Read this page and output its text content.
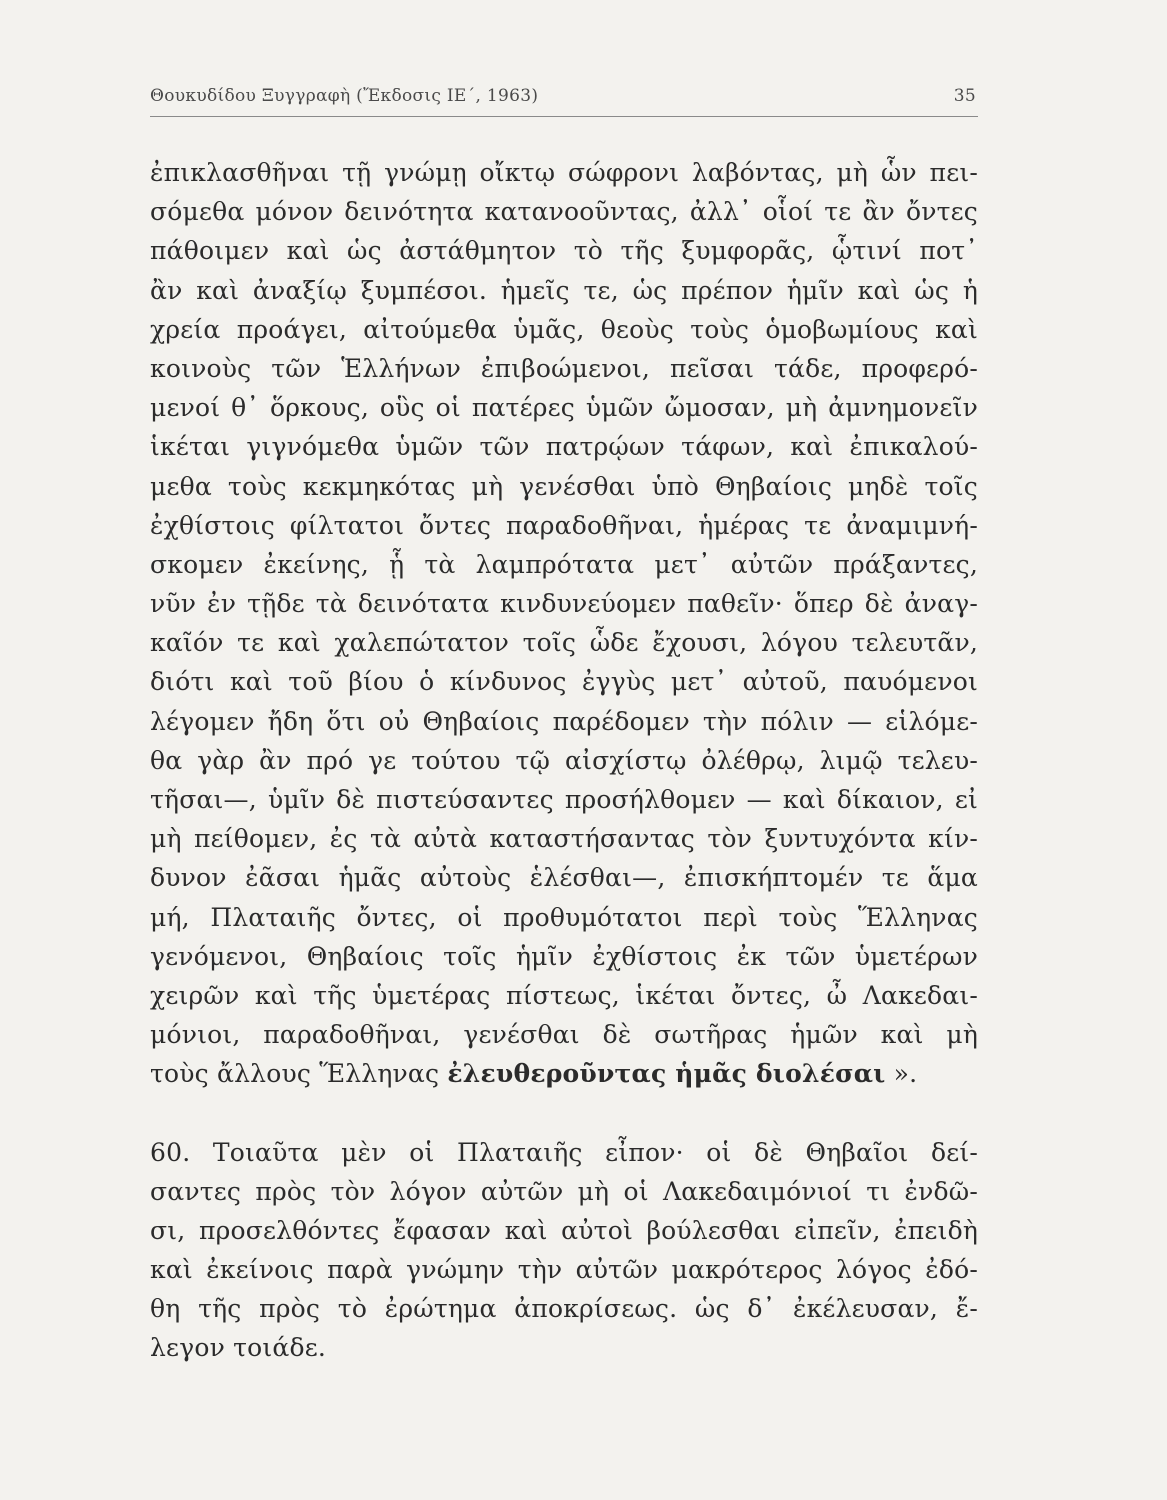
Θουκυδίδου Ξυγγραφὴ (Ἔκδοσις ΙΕ΄, 1963)	35
ἐπικλασθῆναι τῇ γνώμῃ οἴκτῳ σώφρονι λαβόντας, μὴ ὧν πει-
σόμεθα μόνον δεινότητα κατανοοῦντας, ἀλλ᾽ οἷοί τε ἂν ὄντες
πάθοιμεν καὶ ὡς ἀστάθμητον τὸ τῆς ξυμφορᾶς, ᾧτινί ποτ᾽
ἂν καὶ ἀναξίῳ ξυμπέσοι. ἡμεῖς τε, ὡς πρέπον ἡμῖν καὶ ὡς ἡ
χρεία προάγει, αἰτούμεθα ὑμᾶς, θεοὺς τοὺς ὁμοβωμίους καὶ
κοινοὺς τῶν Ἑλλήνων ἐπιβοώμενοι, πεῖσαι τάδε, προφερό-
μενοί θ᾽ ὅρκους, οὓς οἱ πατέρες ὑμῶν ὤμοσαν, μὴ ἀμνημονεῖν
ἱκέται γιγνόμεθα ὑμῶν τῶν πατρῴων τάφων, καὶ ἐπικαλού-
μεθα τοὺς κεκμηκότας μὴ γενέσθαι ὑπὸ Θηβαίοις μηδὲ τοῖς
ἐχθίστοις φίλτατοι ὄντες παραδοθῆναι, ἡμέρας τε ἀναμιμνή-
σκομεν ἐκείνης, ᾗ τὰ λαμπρότατα μετ᾽ αὐτῶν πράξαντες,
νῦν ἐν τῇδε τὰ δεινότατα κινδυνεύομεν παθεῖν· ὅπερ δὲ ἀναγ-
καῖόν τε καὶ χαλεπώτατον τοῖς ὧδε ἔχουσι, λόγου τελευτᾶν,
διότι καὶ τοῦ βίου ὁ κίνδυνος ἐγγὺς μετ᾽ αὐτοῦ, παυόμενοι
λέγομεν ἤδη ὅτι οὐ Θηβαίοις παρέδομεν τὴν πόλιν — εἱλόμε-
θα γὰρ ἂν πρό γε τούτου τῷ αἰσχίστῳ ὀλέθρῳ, λιμῷ τελευ-
τῆσαι—, ὑμῖν δὲ πιστεύσαντες προσήλθομεν — καὶ δίκαιον, εἰ
μὴ πείθομεν, ἐς τὰ αὐτὰ καταστήσαντας τὸν ξυντυχόντα κίν-
δυνον ἐᾶσαι ἡμᾶς αὐτοὺς ἑλέσθαι—, ἐπισκήπτομέν τε ἅμα
μή, Πλαταιῆς ὄντες, οἱ προθυμότατοι περὶ τοὺς Ἕλληνας
γενόμενοι, Θηβαίοις τοῖς ἡμῖν ἐχθίστοις ἐκ τῶν ὑμετέρων
χειρῶν καὶ τῆς ὑμετέρας πίστεως, ἱκέται ὄντες, ὦ Λακεδαι-
μόνιοι, παραδοθῆναι, γενέσθαι δὲ σωτῆρας ἡμῶν καὶ μὴ
τοὺς ἄλλους Ἕλληνας ἐλευθεροῦντας ἡμᾶς διολέσαι ».
60. Τοιαῦτα μὲν οἱ Πλαταιῆς εἶπον· οἱ δὲ Θηβαῖοι δεί-
σαντες πρὸς τὸν λόγον αὐτῶν μὴ οἱ Λακεδαιμόνιοί τι ἐνδῶ-
σι, προσελθόντες ἔφασαν καὶ αὐτοὶ βούλεσθαι εἰπεῖν, ἐπειδὴ
καὶ ἐκείνοις παρὰ γνώμην τὴν αὐτῶν μακρότερος λόγος ἐδό-
θη τῆς πρὸς τὸ ἐρώτημα ἀποκρίσεως. ὡς δ᾽ ἐκέλευσαν, ἔ-
λεγον τοιάδε.
